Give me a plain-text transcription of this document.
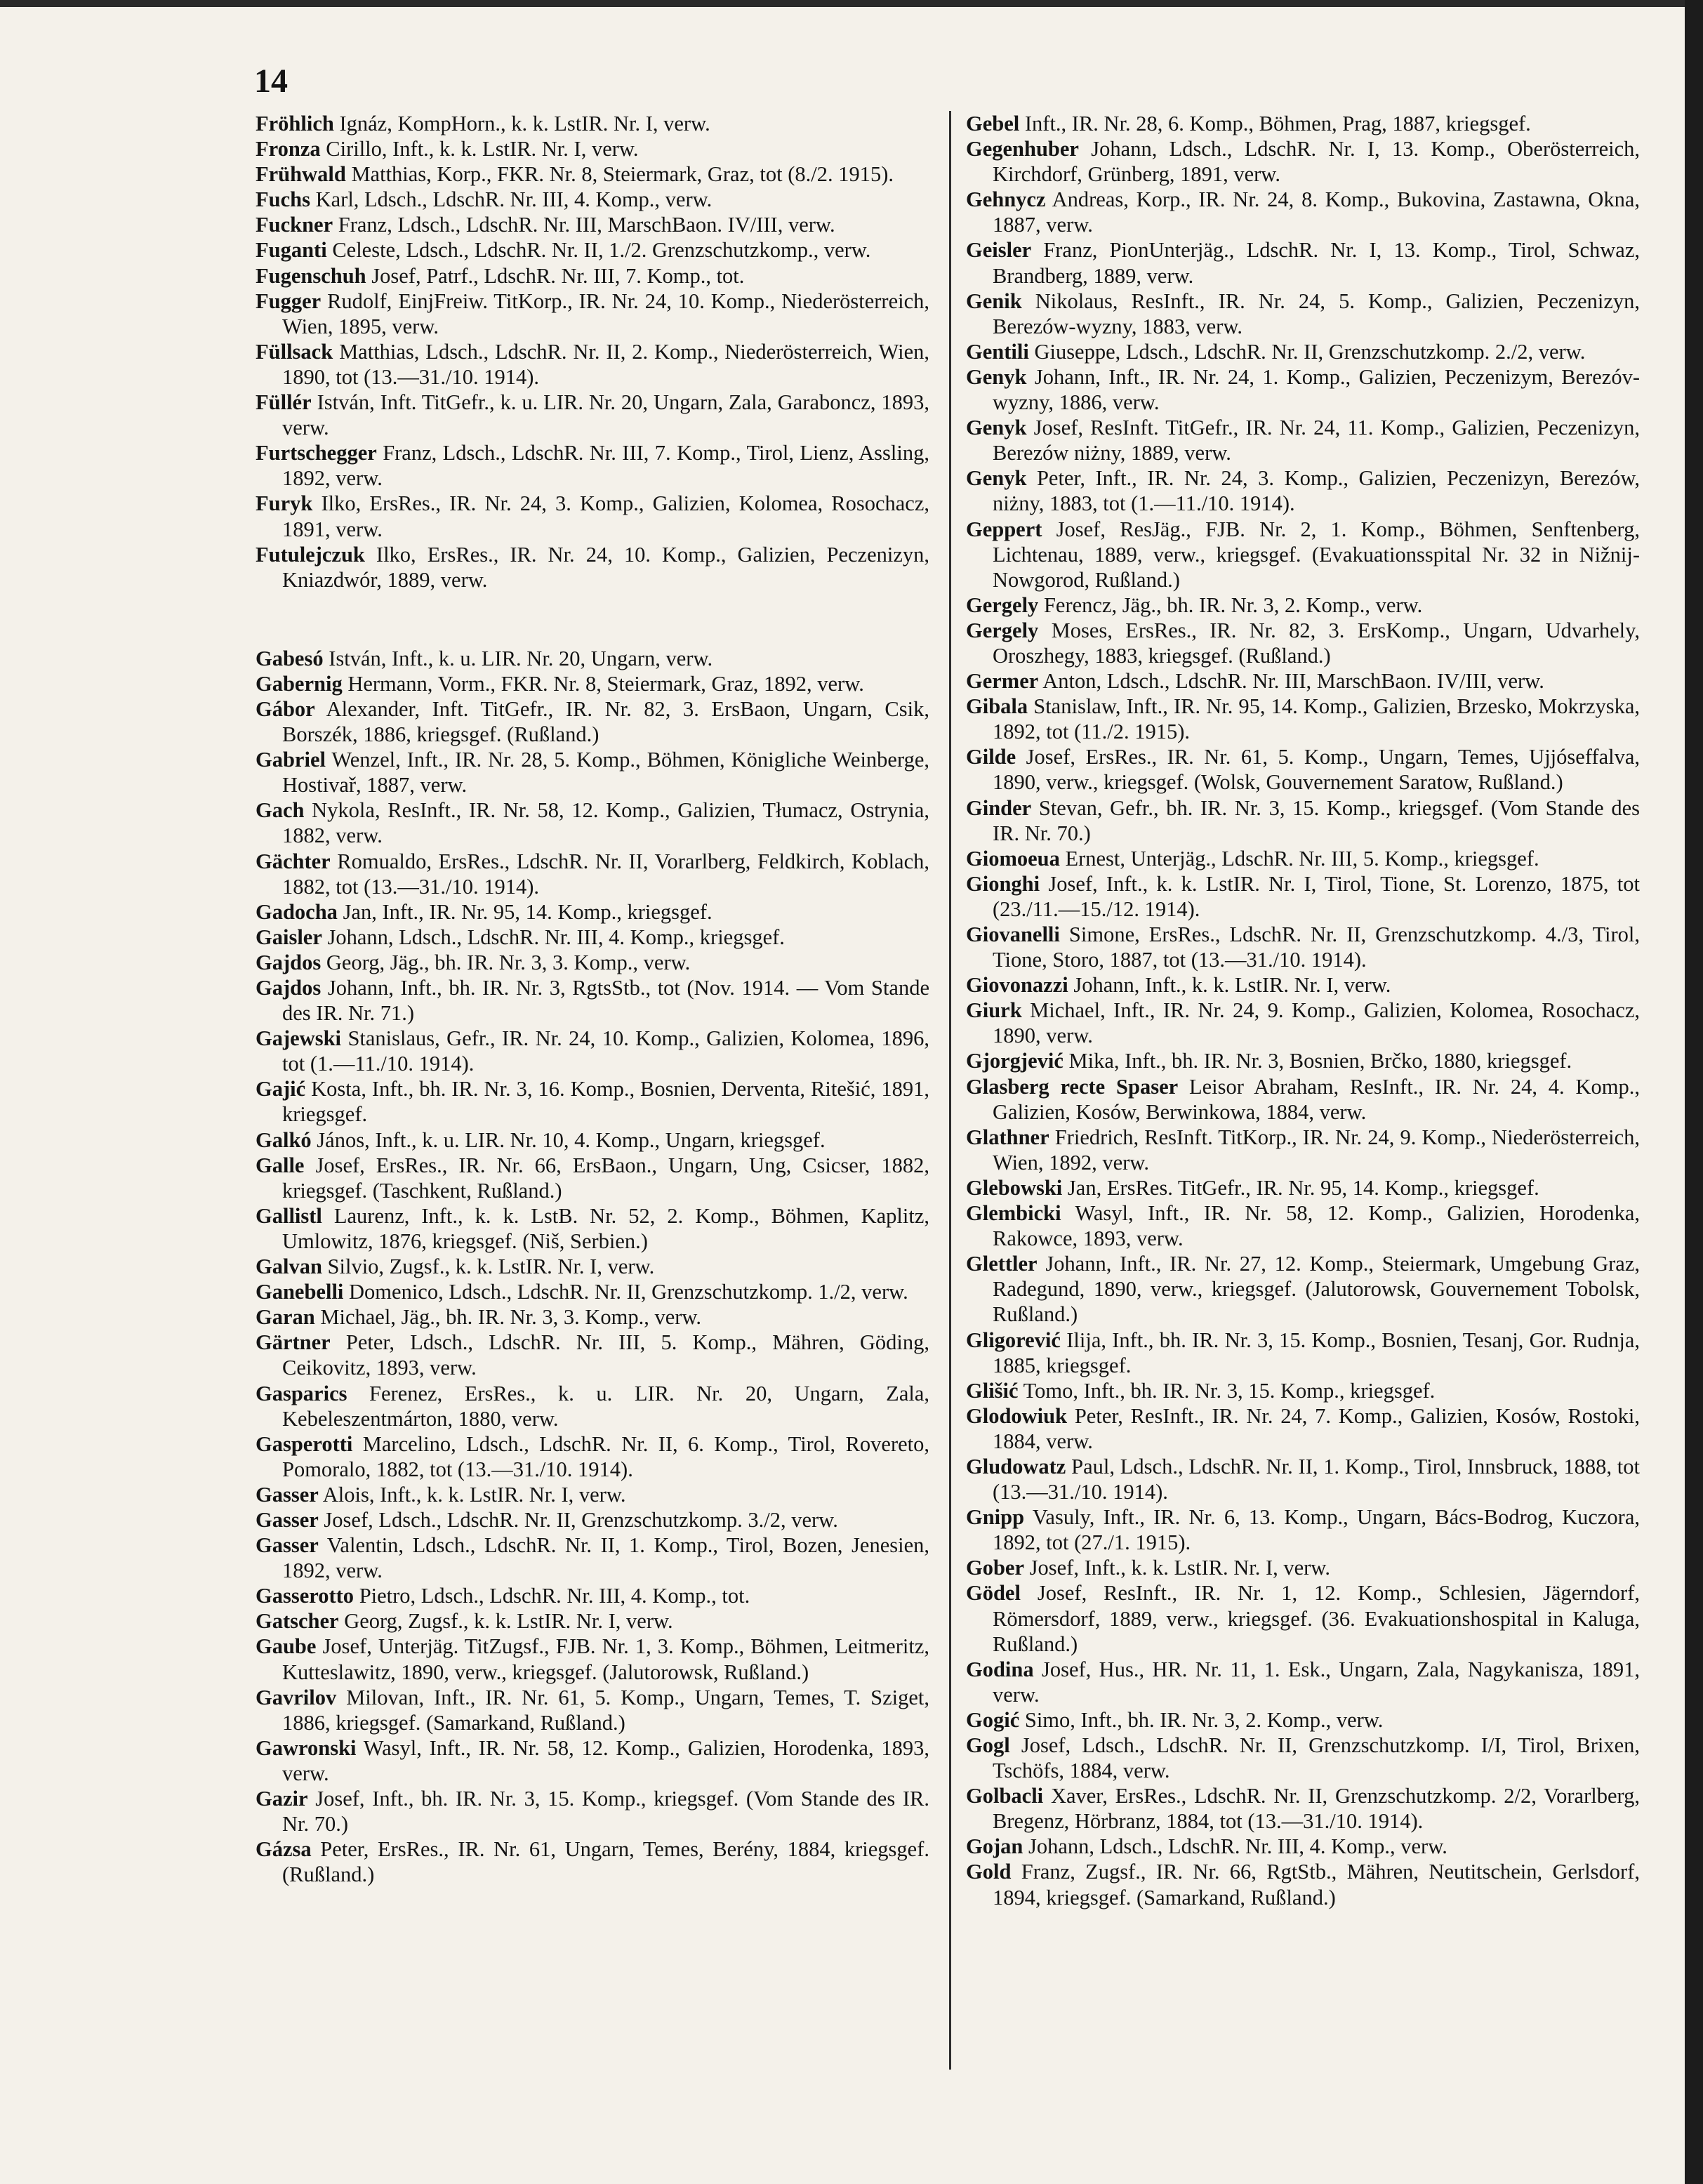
14

Fröhlich Ignáz, KompHorn., k. k. LstIR. Nr. I, verw.

Fronza Cirillo, Inft., k. k. LstIR. Nr. I, verw.

Frühwald Matthias, Korp., FKR. Nr. 8, Steiermark, Graz, tot (8./2. 1915).

Fuchs Karl, Ldsch., LdschR. Nr. III, 4. Komp., verw.

Fuckner Franz, Ldsch., LdschR. Nr. III, MarschBaon. IV/III, verw.

Fuganti Celeste, Ldsch., LdschR. Nr. II, 1./2. Grenzschutzkomp., verw.

Fugenschuh Josef, Patrf., LdschR. Nr. III, 7. Komp., tot.

Fugger Rudolf, EinjFreiw. TitKorp., IR. Nr. 24, 10. Komp., Niederösterreich, Wien, 1895, verw.

Füllsack Matthias, Ldsch., LdschR. Nr. II, 2. Komp., Niederösterreich, Wien, 1890, tot (13.—31./10. 1914).

Füllér István, Inft. TitGefr., k. u. LIR. Nr. 20, Ungarn, Zala, Garaboncz, 1893, verw.

Furtschegger Franz, Ldsch., LdschR. Nr. III, 7. Komp., Tirol, Lienz, Assling, 1892, verw.

Furyk Ilko, ErsRes., IR. Nr. 24, 3. Komp., Galizien, Kolomea, Rosochacz, 1891, verw.

Futulejczuk Ilko, ErsRes., IR. Nr. 24, 10. Komp., Galizien, Peczenizyn, Kniazdwór, 1889, verw.

Gabesó István, Inft., k. u. LIR. Nr. 20, Ungarn, verw.

Gabernig Hermann, Vorm., FKR. Nr. 8, Steiermark, Graz, 1892, verw.

Gábor Alexander, Inft. TitGefr., IR. Nr. 82, 3. ErsBaon, Ungarn, Csik, Borszék, 1886, kriegsgef. (Rußland.)

Gabriel Wenzel, Inft., IR. Nr. 28, 5. Komp., Böhmen, Königliche Weinberge, Hostivař, 1887, verw.

Gach Nykola, ResInft., IR. Nr. 58, 12. Komp., Galizien, Tłumacz, Ostrynia, 1882, verw.

Gächter Romualdo, ErsRes., LdschR. Nr. II, Vorarlberg, Feldkirch, Koblach, 1882, tot (13.—31./10. 1914).

Gadocha Jan, Inft., IR. Nr. 95, 14. Komp., kriegsgef.

Gaisler Johann, Ldsch., LdschR. Nr. III, 4. Komp., kriegsgef.

Gajdos Georg, Jäg., bh. IR. Nr. 3, 3. Komp., verw.

Gajdos Johann, Inft., bh. IR. Nr. 3, RgtsStb., tot (Nov. 1914. — Vom Stande des IR. Nr. 71.)

Gajewski Stanislaus, Gefr., IR. Nr. 24, 10. Komp., Galizien, Kolomea, 1896, tot (1.—11./10. 1914).

Gajić Kosta, Inft., bh. IR. Nr. 3, 16. Komp., Bosnien, Derventa, Ritešić, 1891, kriegsgef.

Galkó János, Inft., k. u. LIR. Nr. 10, 4. Komp., Ungarn, kriegsgef.

Galle Josef, ErsRes., IR. Nr. 66, ErsBaon., Ungarn, Ung, Csicser, 1882, kriegsgef. (Taschkent, Rußland.)

Gallistl Laurenz, Inft., k. k. LstB. Nr. 52, 2. Komp., Böhmen, Kaplitz, Umlowitz, 1876, kriegsgef. (Niš, Serbien.)

Galvan Silvio, Zugsf., k. k. LstIR. Nr. I, verw.

Ganebelli Domenico, Ldsch., LdschR. Nr. II, Grenzschutzkomp. 1./2, verw.

Garan Michael, Jäg., bh. IR. Nr. 3, 3. Komp., verw.

Gärtner Peter, Ldsch., LdschR. Nr. III, 5. Komp., Mähren, Göding, Ceikovitz, 1893, verw.

Gasparics Ferenez, ErsRes., k. u. LIR. Nr. 20, Ungarn, Zala, Kebeleszentmárton, 1880, verw.

Gasperotti Marcelino, Ldsch., LdschR. Nr. II, 6. Komp., Tirol, Rovereto, Pomoralo, 1882, tot (13.—31./10. 1914).

Gasser Alois, Inft., k. k. LstIR. Nr. I, verw.

Gasser Josef, Ldsch., LdschR. Nr. II, Grenzschutzkomp. 3./2, verw.

Gasser Valentin, Ldsch., LdschR. Nr. II, 1. Komp., Tirol, Bozen, Jenesien, 1892, verw.

Gasserotto Pietro, Ldsch., LdschR. Nr. III, 4. Komp., tot.

Gatscher Georg, Zugsf., k. k. LstIR. Nr. I, verw.

Gaube Josef, Unterjäg. TitZugsf., FJB. Nr. 1, 3. Komp., Böhmen, Leitmeritz, Kutteslawitz, 1890, verw., kriegsgef. (Jalutorowsk, Rußland.)

Gavrilov Milovan, Inft., IR. Nr. 61, 5. Komp., Ungarn, Temes, T. Sziget, 1886, kriegsgef. (Samarkand, Rußland.)

Gawronski Wasyl, Inft., IR. Nr. 58, 12. Komp., Galizien, Horodenka, 1893, verw.

Gazir Josef, Inft., bh. IR. Nr. 3, 15. Komp., kriegsgef. (Vom Stande des IR. Nr. 70.)

Gázsa Peter, ErsRes., IR. Nr. 61, Ungarn, Temes, Berény, 1884, kriegsgef. (Rußland.)

Gebel Inft., IR. Nr. 28, 6. Komp., Böhmen, Prag, 1887, kriegsgef.

Gegenhuber Johann, Ldsch., LdschR. Nr. I, 13. Komp., Oberösterreich, Kirchdorf, Grünberg, 1891, verw.

Gehnycz Andreas, Korp., IR. Nr. 24, 8. Komp., Bukovina, Zastawna, Okna, 1887, verw.

Geisler Franz, PionUnterjäg., LdschR. Nr. I, 13. Komp., Tirol, Schwaz, Brandberg, 1889, verw.

Genik Nikolaus, ResInft., IR. Nr. 24, 5. Komp., Galizien, Peczenizyn, Berezów-wyzny, 1883, verw.

Gentili Giuseppe, Ldsch., LdschR. Nr. II, Grenzschutzkomp. 2./2, verw.

Genyk Johann, Inft., IR. Nr. 24, 1. Komp., Galizien, Peczenizym, Berezóv-wyzny, 1886, verw.

Genyk Josef, ResInft. TitGefr., IR. Nr. 24, 11. Komp., Galizien, Peczenizyn, Berezów niżny, 1889, verw.

Genyk Peter, Inft., IR. Nr. 24, 3. Komp., Galizien, Peczenizyn, Berezów, niżny, 1883, tot (1.—11./10. 1914).

Geppert Josef, ResJäg., FJB. Nr. 2, 1. Komp., Böhmen, Senftenberg, Lichtenau, 1889, verw., kriegsgef. (Evakuationsspital Nr. 32 in Nižnij-Nowgorod, Rußland.)

Gergely Ferencz, Jäg., bh. IR. Nr. 3, 2. Komp., verw.

Gergely Moses, ErsRes., IR. Nr. 82, 3. ErsKomp., Ungarn, Udvarhely, Oroszhegy, 1883, kriegsgef. (Rußland.)

Germer Anton, Ldsch., LdschR. Nr. III, MarschBaon. IV/III, verw.

Gibala Stanislaw, Inft., IR. Nr. 95, 14. Komp., Galizien, Brzesko, Mokrzyska, 1892, tot (11./2. 1915).

Gilde Josef, ErsRes., IR. Nr. 61, 5. Komp., Ungarn, Temes, Ujjóseffalva, 1890, verw., kriegsgef. (Wolsk, Gouvernement Saratow, Rußland.)

Ginder Stevan, Gefr., bh. IR. Nr. 3, 15. Komp., kriegsgef. (Vom Stande des IR. Nr. 70.)

Giomoeua Ernest, Unterjäg., LdschR. Nr. III, 5. Komp., kriegsgef.

Gionghi Josef, Inft., k. k. LstIR. Nr. I, Tirol, Tione, St. Lorenzo, 1875, tot (23./11.—15./12. 1914).

Giovanelli Simone, ErsRes., LdschR. Nr. II, Grenzschutzkomp. 4./3, Tirol, Tione, Storo, 1887, tot (13.—31./10. 1914).

Giovonazzi Johann, Inft., k. k. LstIR. Nr. I, verw.

Giurk Michael, Inft., IR. Nr. 24, 9. Komp., Galizien, Kolomea, Rosochacz, 1890, verw.

Gjorgjević Mika, Inft., bh. IR. Nr. 3, Bosnien, Brčko, 1880, kriegsgef.

Glasberg recte Spaser Leisor Abraham, ResInft., IR. Nr. 24, 4. Komp., Galizien, Kosów, Berwinkowa, 1884, verw.

Glathner Friedrich, ResInft. TitKorp., IR. Nr. 24, 9. Komp., Niederösterreich, Wien, 1892, verw.

Glebowski Jan, ErsRes. TitGefr., IR. Nr. 95, 14. Komp., kriegsgef.

Glembicki Wasyl, Inft., IR. Nr. 58, 12. Komp., Galizien, Horodenka, Rakowce, 1893, verw.

Glettler Johann, Inft., IR. Nr. 27, 12. Komp., Steiermark, Umgebung Graz, Radegund, 1890, verw., kriegsgef. (Jalutorowsk, Gouvernement Tobolsk, Rußland.)

Gligorević Ilija, Inft., bh. IR. Nr. 3, 15. Komp., Bosnien, Tesanj, Gor. Rudnja, 1885, kriegsgef.

Glišić Tomo, Inft., bh. IR. Nr. 3, 15. Komp., kriegsgef.

Glodowiuk Peter, ResInft., IR. Nr. 24, 7. Komp., Galizien, Kosów, Rostoki, 1884, verw.

Gludowatz Paul, Ldsch., LdschR. Nr. II, 1. Komp., Tirol, Innsbruck, 1888, tot (13.—31./10. 1914).

Gnipp Vasuly, Inft., IR. Nr. 6, 13. Komp., Ungarn, Bács-Bodrog, Kuczora, 1892, tot (27./1. 1915).

Gober Josef, Inft., k. k. LstIR. Nr. I, verw.

Gödel Josef, ResInft., IR. Nr. 1, 12. Komp., Schlesien, Jägerndorf, Römersdorf, 1889, verw., kriegsgef. (36. Evakuationshospital in Kaluga, Rußland.)

Godina Josef, Hus., HR. Nr. 11, 1. Esk., Ungarn, Zala, Nagykanisza, 1891, verw.

Gogić Simo, Inft., bh. IR. Nr. 3, 2. Komp., verw.

Gogl Josef, Ldsch., LdschR. Nr. II, Grenzschutzkomp. I/I, Tirol, Brixen, Tschöfs, 1884, verw.

Golbacli Xaver, ErsRes., LdschR. Nr. II, Grenzschutzkomp. 2/2, Vorarlberg, Bregenz, Hörbranz, 1884, tot (13.—31./10. 1914).

Gojan Johann, Ldsch., LdschR. Nr. III, 4. Komp., verw.

Gold Franz, Zugsf., IR. Nr. 66, RgtStb., Mähren, Neutitschein, Gerlsdorf, 1894, kriegsgef. (Samarkand, Rußland.)
